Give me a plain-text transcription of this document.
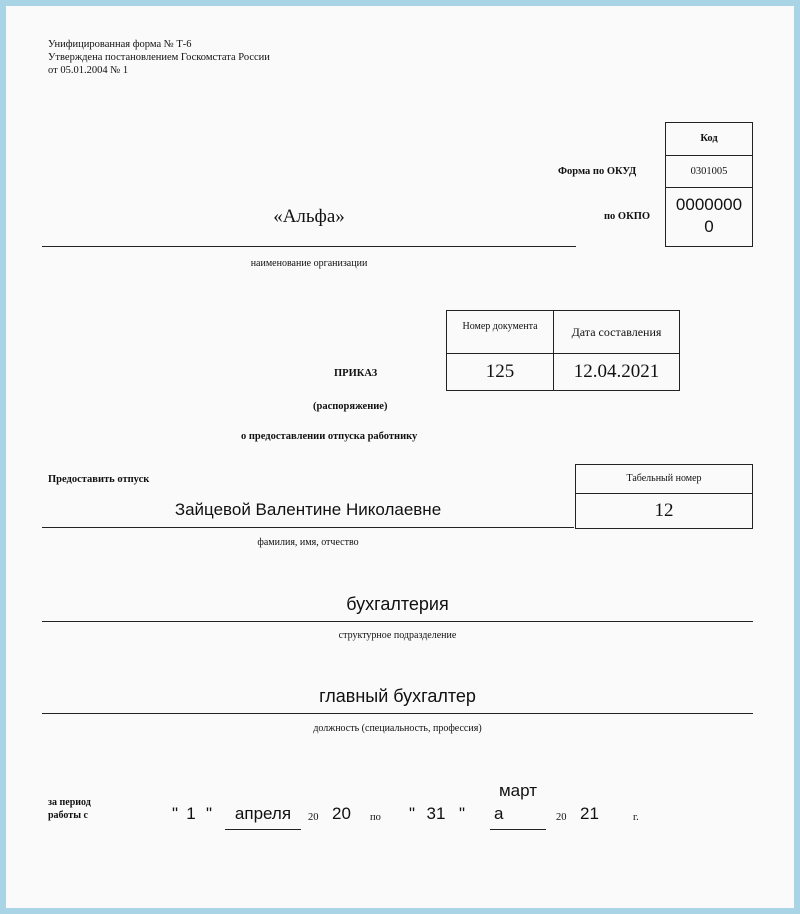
Унифицированная форма № Т-6
Утверждена постановлением Госкомстата России
от 05.01.2004 № 1
Код
0301005
0000000
0
Форма по ОКУД
по ОКПО
«Альфа»
наименование организации
Номер документа	Дата составления
125	12.04.2021
ПРИКАЗ
(распоряжение)
о предоставлении отпуска работнику
Предоставить отпуск
Зайцевой Валентине Николаевне
фамилия, имя, отчество
Табельный номер
12
бухгалтерия
структурное подразделение
главный бухгалтер
должность (специальность, профессия)
за период
работы с	" 1 "	апреля	20 20 по " 31 "
март
а	20 21	г.
